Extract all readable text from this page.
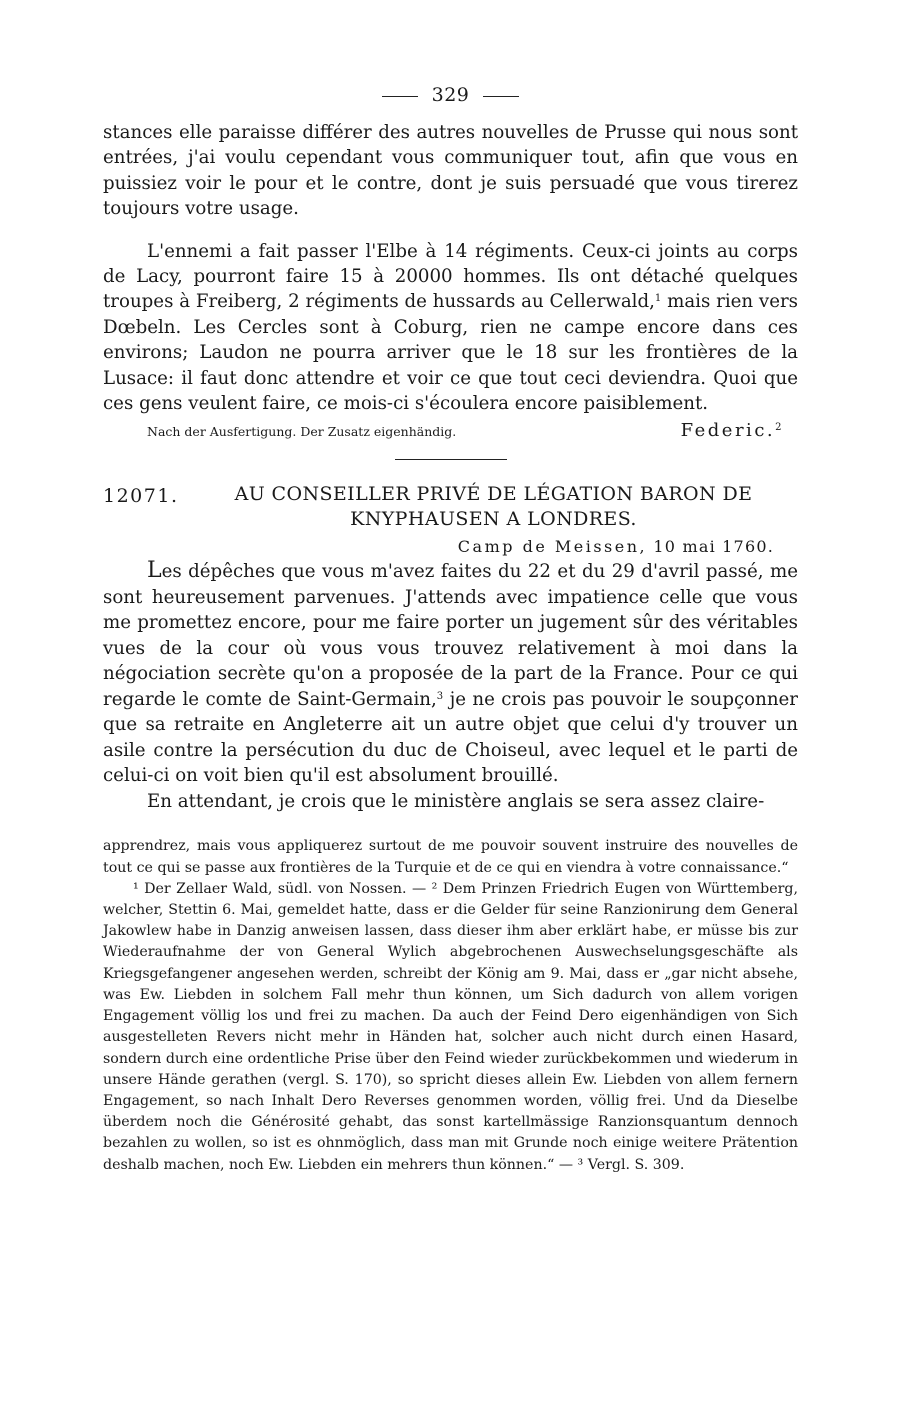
329

stances elle paraisse différer des autres nouvelles de Prusse qui nous sont entrées, j'ai voulu cependant vous communiquer tout, afin que vous en puissiez voir le pour et le contre, dont je suis persuadé que vous tirerez toujours votre usage.

L'ennemi a fait passer l'Elbe à 14 régiments. Ceux-ci joints au corps de Lacy, pourront faire 15 à 20000 hommes. Ils ont détaché quelques troupes à Freiberg, 2 régiments de hussards au Cellerwald,$^1$ mais rien vers Dœbeln. Les Cercles sont à Coburg, rien ne campe encore dans ces environs; Laudon ne pourra arriver que le 18 sur les frontières de la Lusace: il faut donc attendre et voir ce que tout ceci deviendra. Quoi que ces gens veulent faire, ce mois-ci s'écoulera encore paisiblement.

Nach der Ausfertigung. Der Zusatz eigenhändig.	Federic.$^2$
12071.	AU CONSEILLER PRIVÉ DE LÉGATION BARON DE KNYPHAUSEN A LONDRES.
Camp de Meissen, 10 mai 1760.

Les dépêches que vous m'avez faites du 22 et du 29 d'avril passé, me sont heureusement parvenues. J'attends avec impatience celle que vous me promettez encore, pour me faire porter un jugement sûr des véritables vues de la cour où vous vous trouvez relativement à moi dans la négociation secrète qu'on a proposée de la part de la France. Pour ce qui regarde le comte de Saint-Germain,$^3$ je ne crois pas pouvoir le soupçonner que sa retraite en Angleterre ait un autre objet que celui d'y trouver un asile contre la persécution du duc de Choiseul, avec lequel et le parti de celui-ci on voit bien qu'il est absolument brouillé.

En attendant, je crois que le ministère anglais se sera assez claire-

apprendrez, mais vous appliquerez surtout de me pouvoir souvent instruire des nouvelles de tout ce qui se passe aux frontières de la Turquie et de ce qui en viendra à votre connaissance.“

¹ Der Zellaer Wald, südl. von Nossen. — ² Dem Prinzen Friedrich Eugen von Württemberg, welcher, Stettin 6. Mai, gemeldet hatte, dass er die Gelder für seine Ranzionirung dem General Jakowlew habe in Danzig anweisen lassen, dass dieser ihm aber erklärt habe, er müsse bis zur Wiederaufnahme der von General Wylich abgebrochenen Auswechselungsgeschäfte als Kriegsgefangener angesehen werden, schreibt der König am 9. Mai, dass er „gar nicht absehe, was Ew. Liebden in solchem Fall mehr thun können, um Sich dadurch von allem vorigen Engagement völlig los und frei zu machen. Da auch der Feind Dero eigenhändigen von Sich ausgestelleten Revers nicht mehr in Händen hat, solcher auch nicht durch einen Hasard, sondern durch eine ordentliche Prise über den Feind wieder zurückbekommen und wiederum in unsere Hände gerathen (vergl. S. 170), so spricht dieses allein Ew. Liebden von allem fernern Engagement, so nach Inhalt Dero Reverses genommen worden, völlig frei. Und da Dieselbe überdem noch die Générosité gehabt, das sonst kartellmässige Ranzionsquantum dennoch bezahlen zu wollen, so ist es ohnmöglich, dass man mit Grunde noch einige weitere Prätention deshalb machen, noch Ew. Liebden ein mehrers thun können.“ — ³ Vergl. S. 309.
